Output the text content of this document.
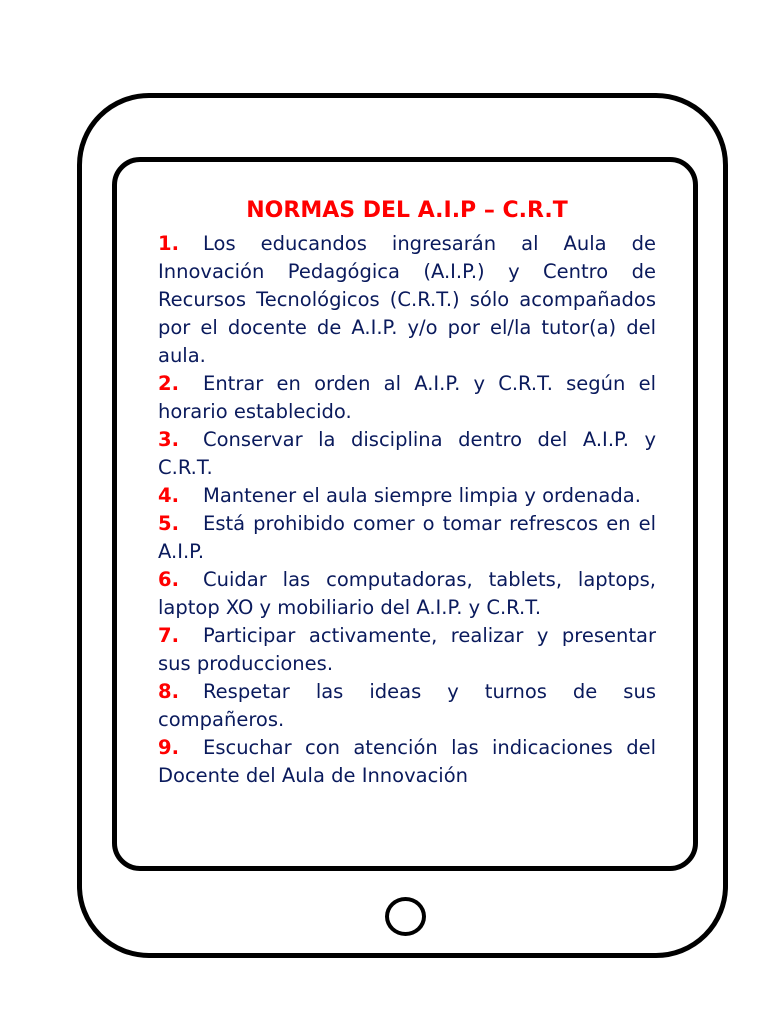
NORMAS DEL A.I.P – C.R.T
1. Los educandos ingresarán al Aula de Innovación Pedagógica (A.I.P.) y Centro de Recursos Tecnológicos (C.R.T.) sólo acompañados por el docente de A.I.P. y/o por el/la tutor(a) del aula.
2. Entrar en orden al A.I.P. y C.R.T. según el horario establecido.
3. Conservar la disciplina dentro del A.I.P. y C.R.T.
4. Mantener el aula siempre limpia y ordenada.
5. Está prohibido comer o tomar refrescos en el A.I.P.
6. Cuidar las computadoras, tablets, laptops, laptop XO y mobiliario del A.I.P. y C.R.T.
7. Participar activamente, realizar y presentar sus producciones.
8. Respetar las ideas y turnos de sus compañeros.
9. Escuchar con atención las indicaciones del Docente del Aula de Innovación
